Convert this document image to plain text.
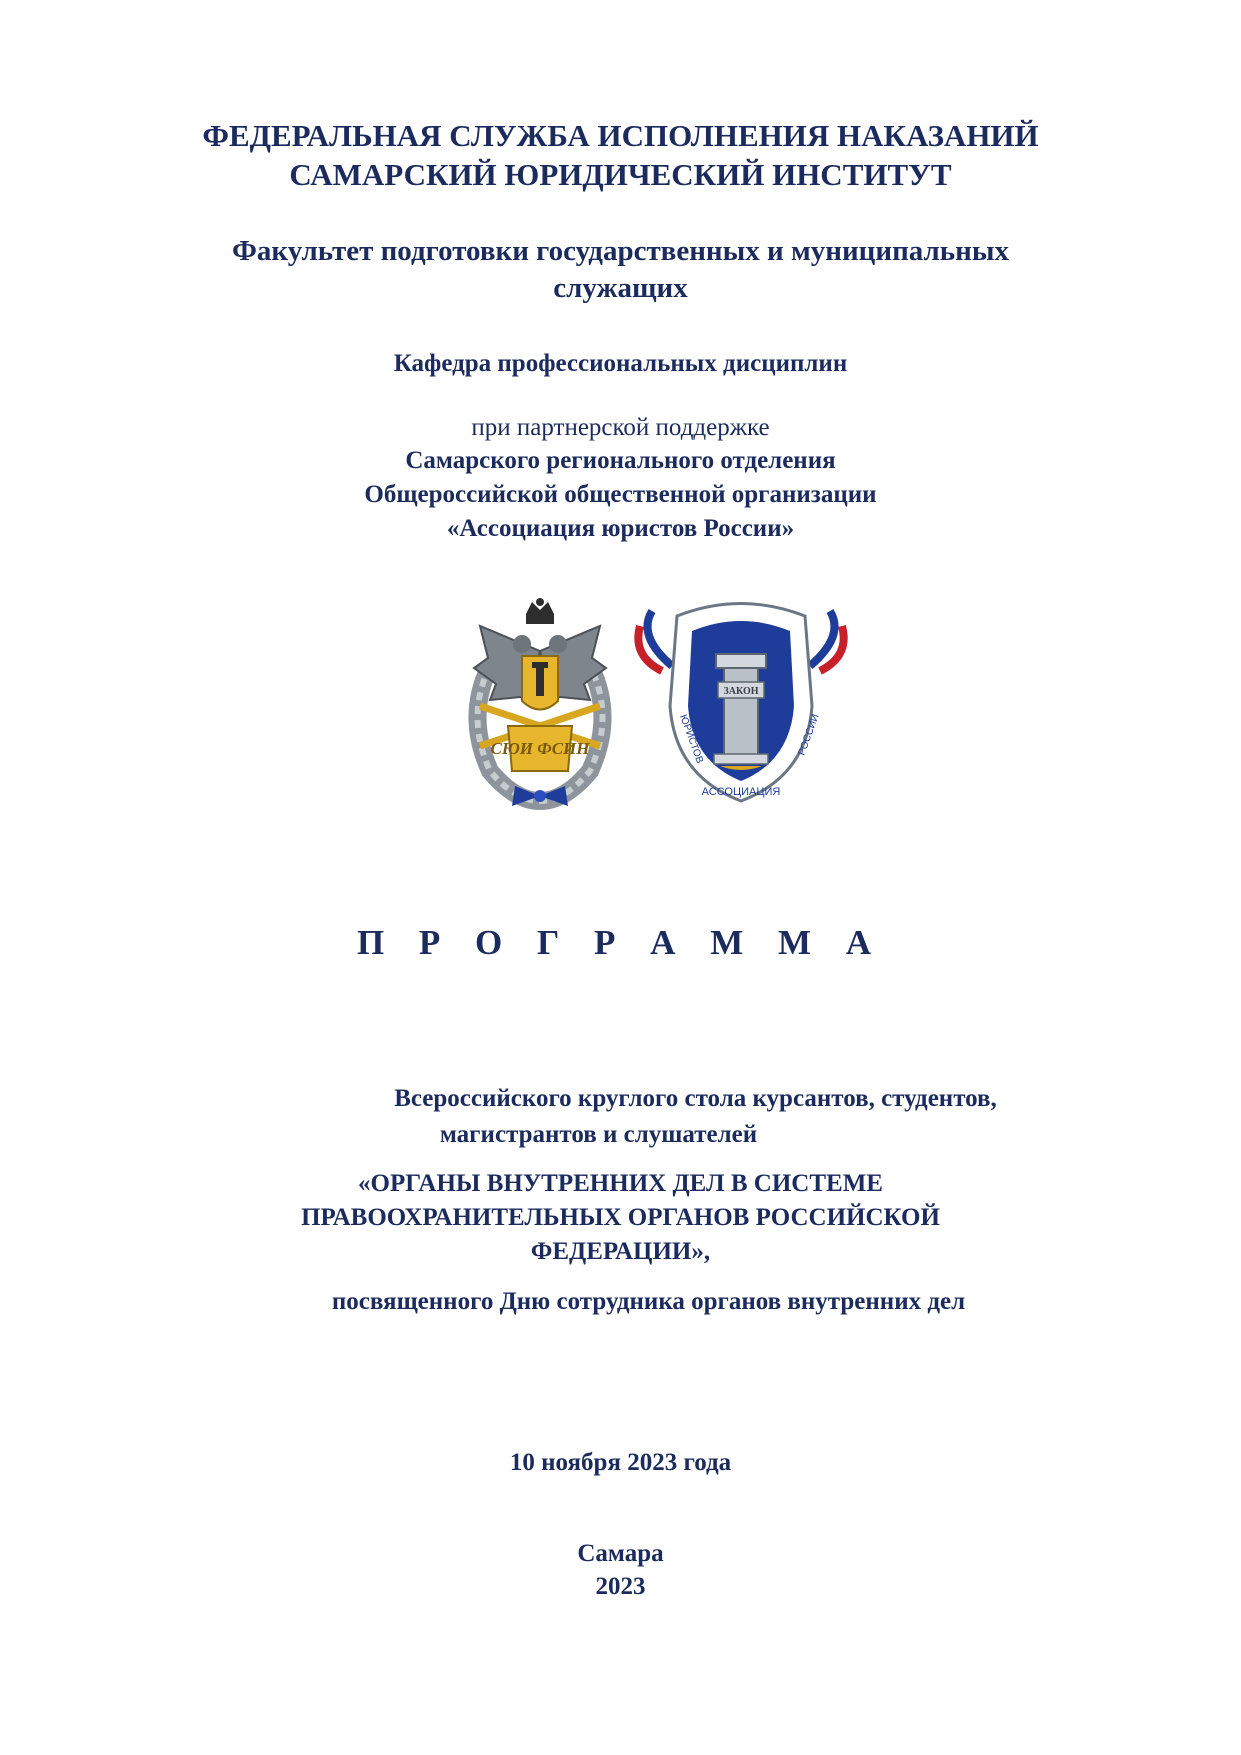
ФЕДЕРАЛЬНАЯ СЛУЖБА ИСПОЛНЕНИЯ НАКАЗАНИЙ
САМАРСКИЙ ЮРИДИЧЕСКИЙ ИНСТИТУТ
Факультет подготовки государственных и муниципальных
служащих
Кафедра профессиональных дисциплин
при партнерской поддержке
Самарского регионального отделения
Общероссийской общественной организации
«Ассоциация юристов России»
СЮИ ФСИН
ЗАКОН
АССОЦИАЦИЯ
ЮРИСТОВ	РОССИИ
П Р О Г Р А М М А
Всероссийского круглого стола курсантов, студентов,
магистрантов и слушателей
«ОРГАНЫ ВНУТРЕННИХ ДЕЛ В СИСТЕМЕ
ПРАВООХРАНИТЕЛЬНЫХ ОРГАНОВ РОССИЙСКОЙ
ФЕДЕРАЦИИ»,
посвященного Дню сотрудника органов внутренних дел
10 ноября 2023 года
Самара
2023
